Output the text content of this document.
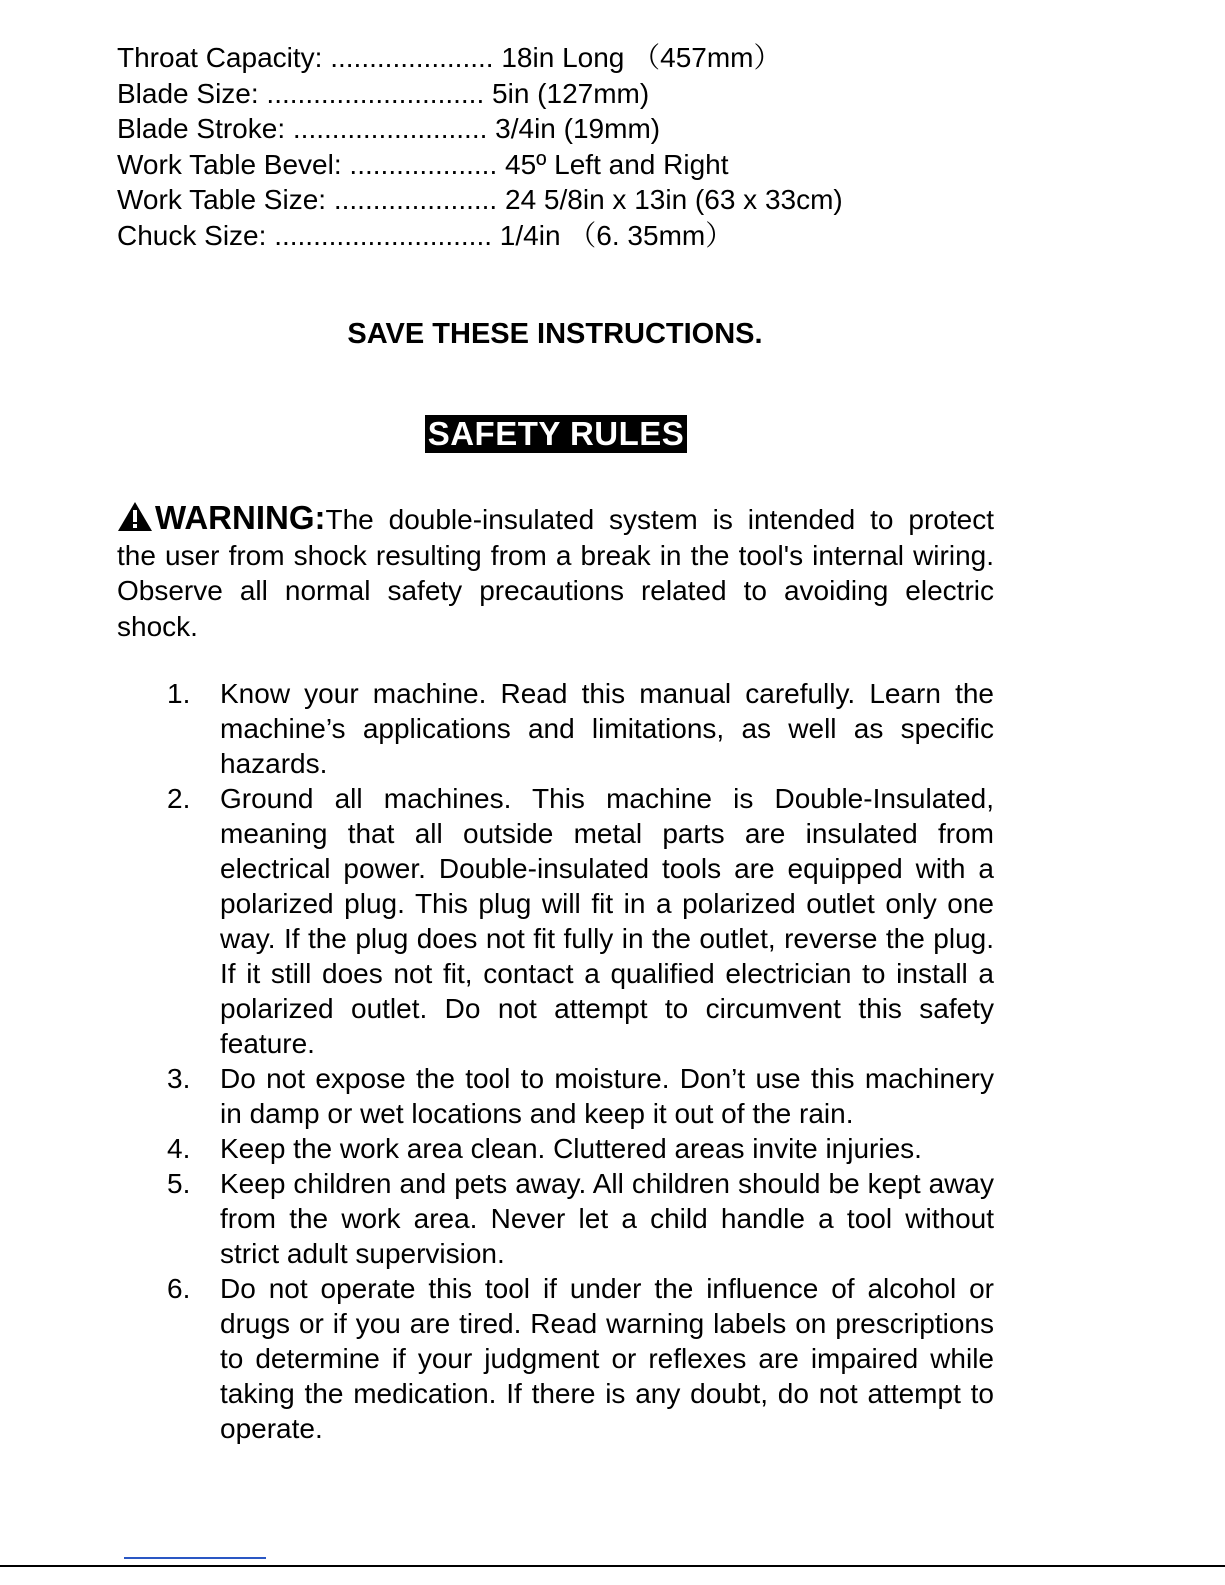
Throat Capacity: ..................... 18in Long （457mm）
Blade Size: ............................ 5in (127mm)
Blade Stroke: ......................... 3/4in (19mm)
Work Table Bevel: ................... 45º Left and Right
Work Table Size: ..................... 24 5/8in x 13in (63 x 33cm)
Chuck Size: ............................ 1/4in （6. 35mm）
SAVE THESE INSTRUCTIONS.
SAFETY RULES
WARNING:The double-insulated system is intended to protect the user from shock resulting from a break in the tool's internal wiring. Observe all normal safety precautions related to avoiding electric shock.
1. Know your machine. Read this manual carefully. Learn the machine’s applications and limitations, as well as specific hazards.
2. Ground all machines. This machine is Double-Insulated, meaning that all outside metal parts are insulated from electrical power. Double-insulated tools are equipped with a polarized plug. This plug will fit in a polarized outlet only one way. If the plug does not fit fully in the outlet, reverse the plug. If it still does not fit, contact a qualified electrician to install a polarized outlet. Do not attempt to circumvent this safety feature.
3. Do not expose the tool to moisture. Don’t use this machinery in damp or wet locations and keep it out of the rain.
4. Keep the work area clean. Cluttered areas invite injuries.
5. Keep children and pets away. All children should be kept away from the work area. Never let a child handle a tool without strict adult supervision.
6. Do not operate this tool if under the influence of alcohol or drugs or if you are tired. Read warning labels on prescriptions to determine if your judgment or reflexes are impaired while taking the medication. If there is any doubt, do not attempt to operate.
